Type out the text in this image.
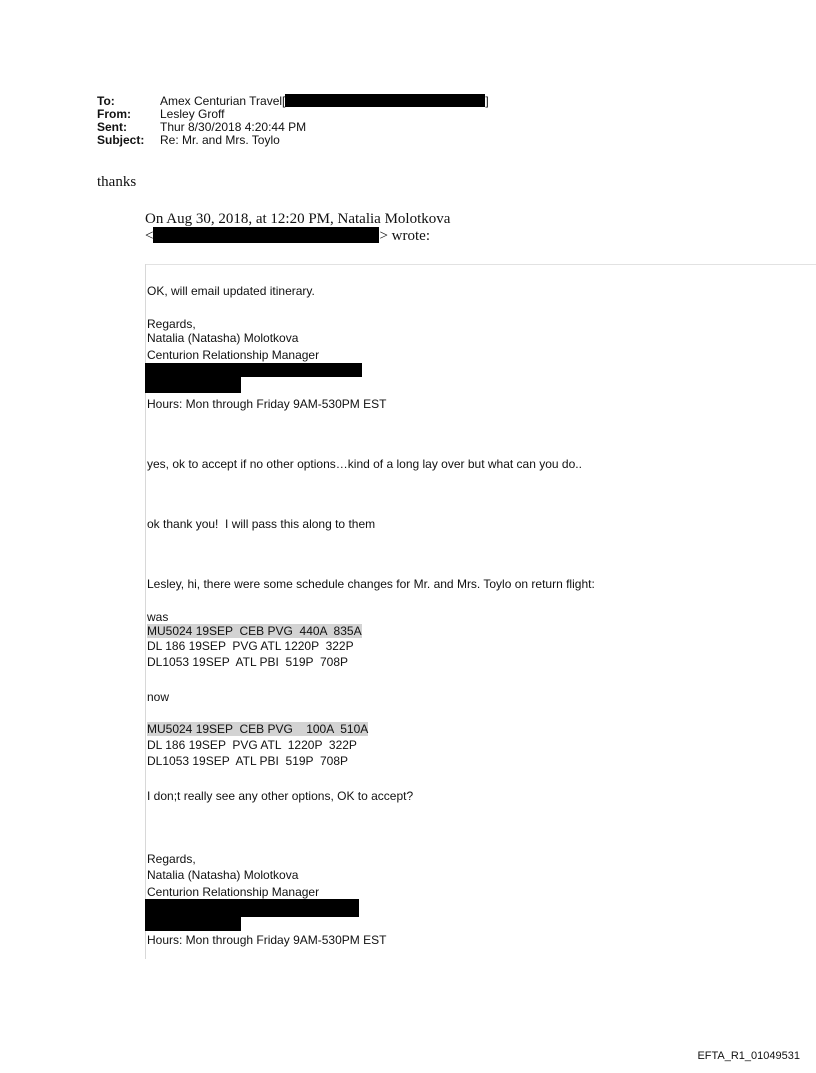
To:	Amex Centurian Travel[	]
From:	Lesley Groff
Sent:	Thur 8/30/2018 4:20:44 PM
Subject:	Re: Mr. and Mrs. Toylo
thanks
On Aug 30, 2018, at 12:20 PM, Natalia Molotkova
<	> wrote:
OK, will email updated itinerary.
Regards,
Natalia (Natasha) Molotkova
Centurion Relationship Manager
Hours: Mon through Friday 9AM-530PM EST
yes, ok to accept if no other options…kind of a long lay over but what can you do..
ok thank you!  I will pass this along to them
Lesley, hi, there were some schedule changes for Mr. and Mrs. Toylo on return flight:
was
MU5024 19SEP  CEB PVG  440A  835A
DL 186 19SEP  PVG ATL 1220P  322P
DL1053 19SEP  ATL PBI  519P  708P
now
MU5024 19SEP  CEB PVG    100A  510A
DL 186 19SEP  PVG ATL  1220P  322P
DL1053 19SEP  ATL PBI  519P  708P
I don;t really see any other options, OK to accept?
Regards,
Natalia (Natasha) Molotkova
Centurion Relationship Manager
Hours: Mon through Friday 9AM-530PM EST
EFTA_R1_01049531
